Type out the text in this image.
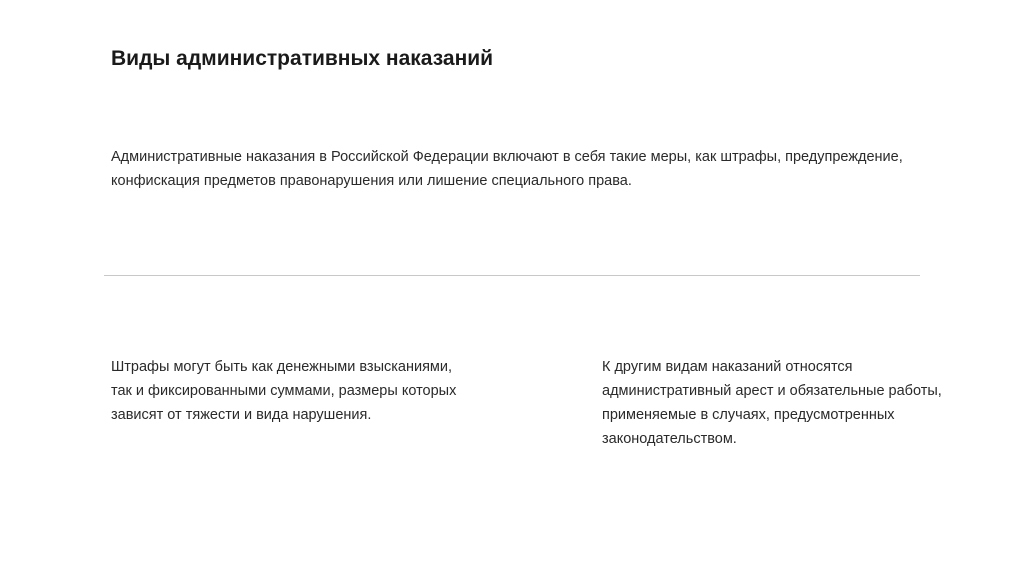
Виды административных наказаний

Административные наказания в Российской Федерации включают в себя такие меры, как штрафы, предупреждение,
конфискация предметов правонарушения или лишение специального права.

Штрафы могут быть как денежными взысканиями,
так и фиксированными суммами, размеры которых
зависят от тяжести и вида нарушения.

К другим видам наказаний относятся
административный арест и обязательные работы,
применяемые в случаях, предусмотренных
законодательством.
